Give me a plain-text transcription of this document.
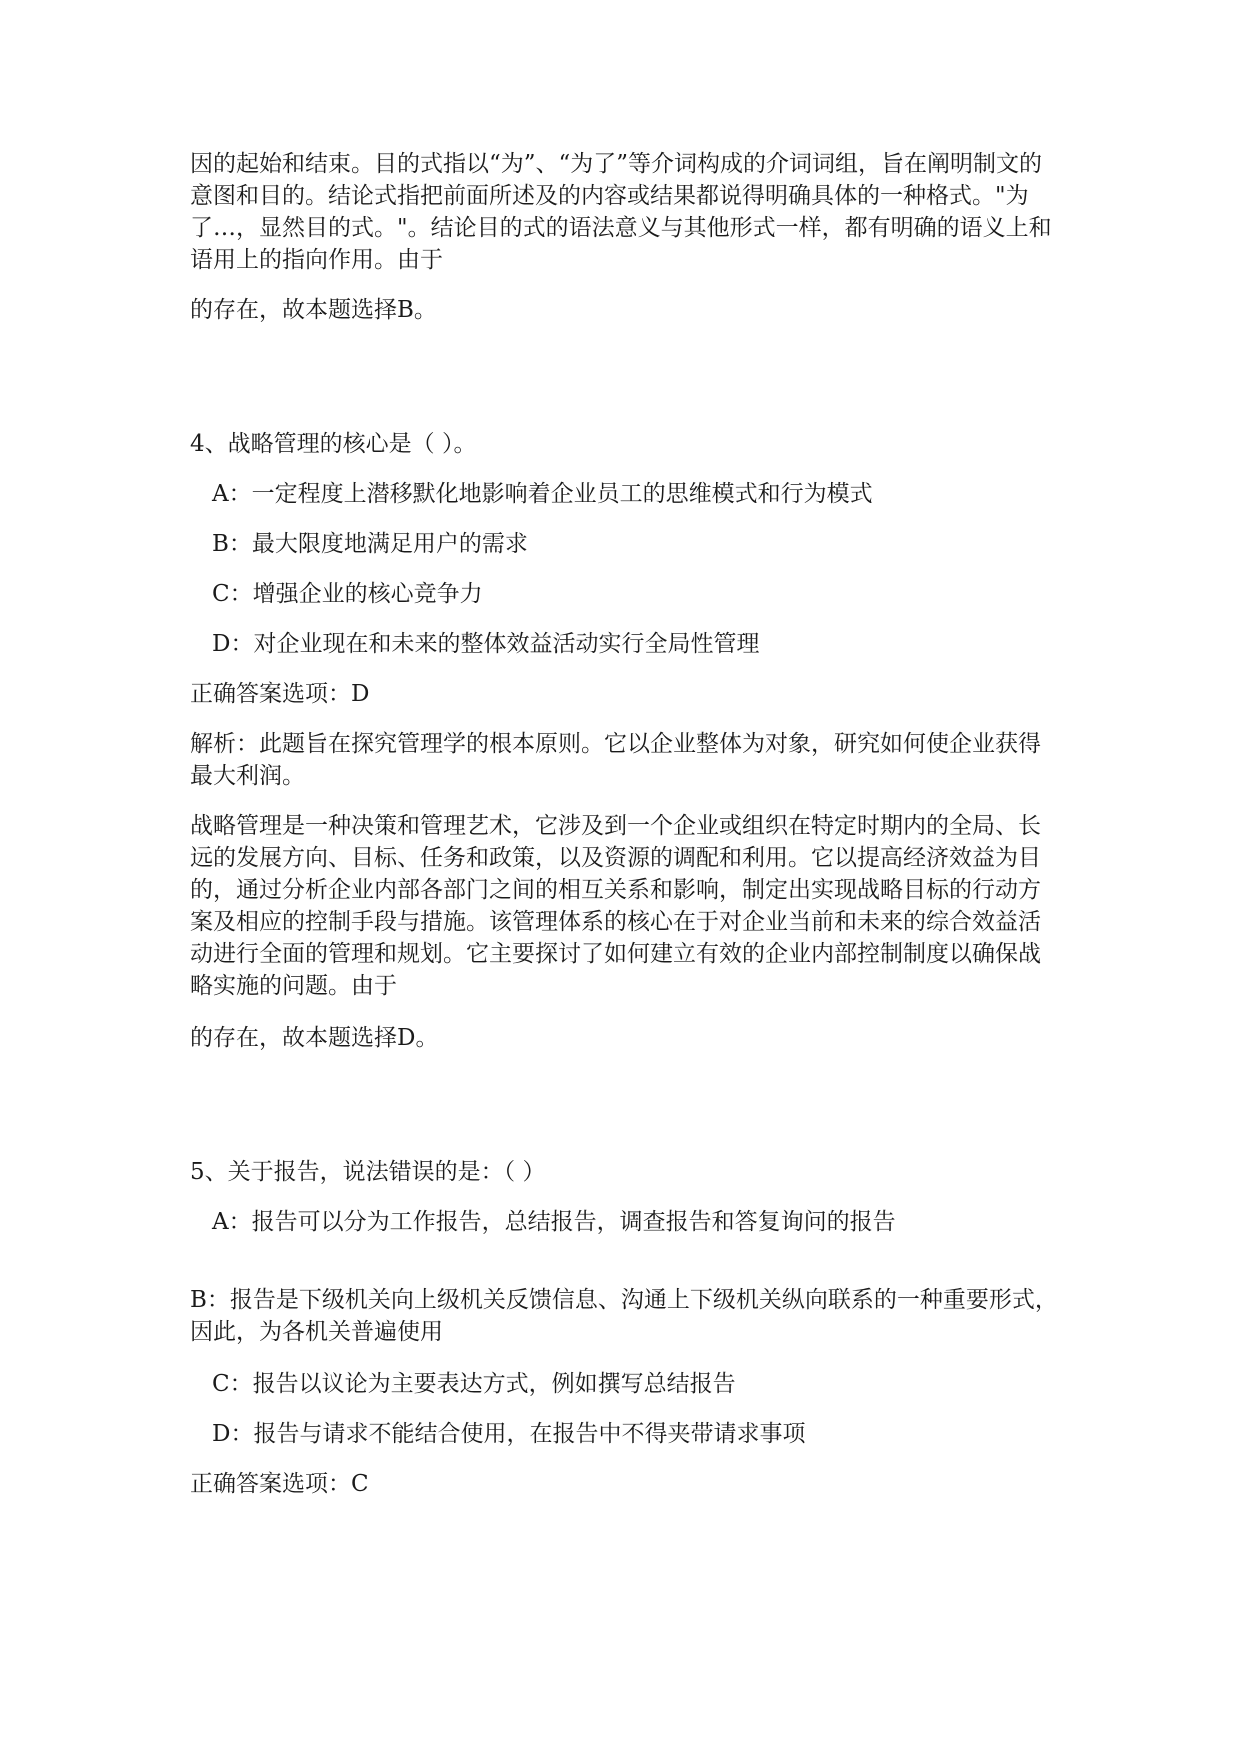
因的起始和结束。目的式指以“为”、“为了”等介词构成的介词词组，旨在阐明制文的意图和目的。结论式指把前面所述及的内容或结果都说得明确具体的一种格式。"为了…，显然目的式。"。结论目的式的语法意义与其他形式一样，都有明确的语义上和语用上的指向作用。由于

的存在，故本题选择B。

4、战略管理的核心是（ ）。

A：一定程度上潜移默化地影响着企业员工的思维模式和行为模式

B：最大限度地满足用户的需求

C：增强企业的核心竞争力

D：对企业现在和未来的整体效益活动实行全局性管理

正确答案选项：D

解析：此题旨在探究管理学的根本原则。它以企业整体为对象，研究如何使企业获得最大利润。

战略管理是一种决策和管理艺术，它涉及到一个企业或组织在特定时期内的全局、长远的发展方向、目标、任务和政策，以及资源的调配和利用。它以提高经济效益为目的，通过分析企业内部各部门之间的相互关系和影响，制定出实现战略目标的行动方案及相应的控制手段与措施。该管理体系的核心在于对企业当前和未来的综合效益活动进行全面的管理和规划。它主要探讨了如何建立有效的企业内部控制制度以确保战略实施的问题。由于

的存在，故本题选择D。

5、关于报告，说法错误的是：（ ）

A：报告可以分为工作报告，总结报告，调查报告和答复询问的报告

B：报告是下级机关向上级机关反馈信息、沟通上下级机关纵向联系的一种重要形式，因此，为各机关普遍使用

C：报告以议论为主要表达方式，例如撰写总结报告

D：报告与请求不能结合使用，在报告中不得夹带请求事项

正确答案选项：C
